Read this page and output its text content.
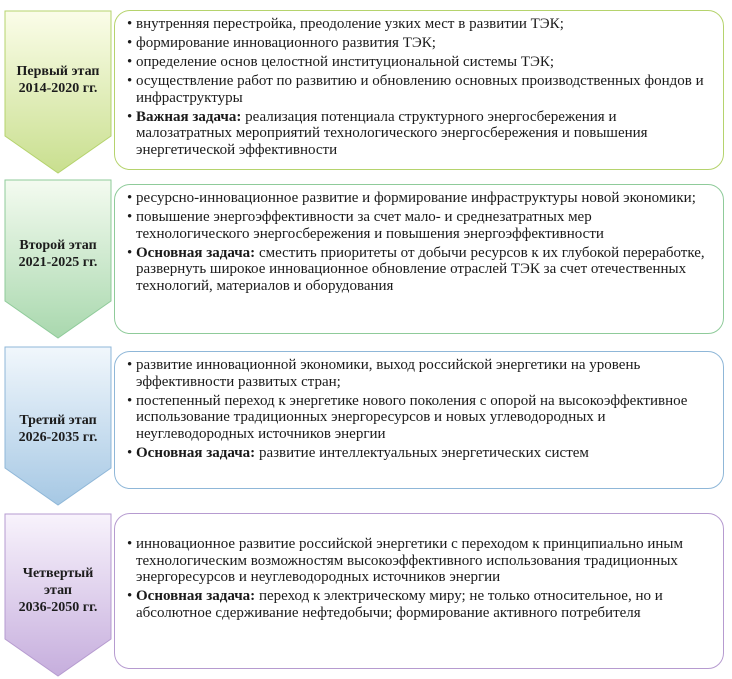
Первый этап
2014-2020 гг.
• внутренняя перестройка, преодоление узких мест в развитии ТЭК;
• формирование инновационного развития ТЭК;
• определение основ целостной институциональной системы ТЭК;
• осуществление работ по развитию и обновлению основных производственных фондов и инфраструктуры
• Важная задача: реализация потенциала структурного энергосбережения и малозатратных мероприятий технологического энергосбережения и повышения энергетической эффективности
Второй этап
2021-2025 гг.
• ресурсно-инновационное развитие и формирование инфраструктуры новой экономики;
• повышение энергоэффективности за счет мало- и среднезатратных мер технологического энергосбережения и повышения энергоэффективности
• Основная задача: сместить приоритеты от добычи ресурсов к их глубокой переработке, развернуть широкое инновационное обновление отраслей ТЭК за счет отечественных технологий, материалов и оборудования
Третий этап
2026-2035 гг.
• развитие инновационной экономики, выход российской энергетики на уровень эффективности развитых стран;
• постепенный переход к энергетике нового поколения с опорой на высокоэффективное использование традиционных энергоресурсов и новых углеводородных и неуглеводородных источников энергии
• Основная задача: развитие интеллектуальных энергетических систем
Четвертый
этап
2036-2050 гг.
• инновационное развитие российской энергетики с переходом к принципиально иным технологическим возможностям высокоэффективного использования традиционных энергоресурсов и неуглеводородных источников энергии
• Основная задача: переход к электрическому миру; не только относительное, но и абсолютное сдерживание нефтедобычи; формирование активного потребителя
